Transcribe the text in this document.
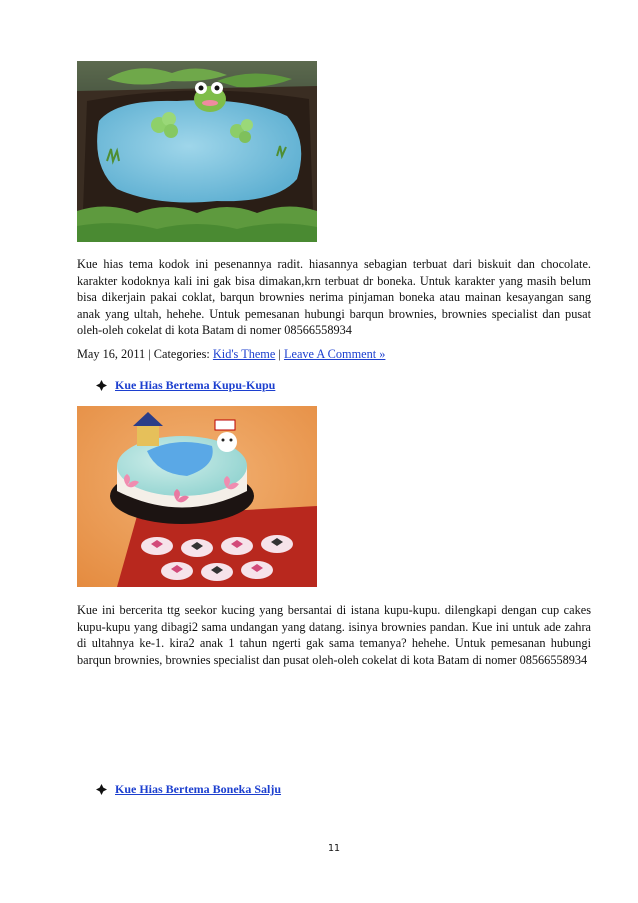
Kue hias tema kodok ini pesenannya radit. hiasannya sebagian terbuat dari biskuit dan chocolate. karakter kodoknya kali ini gak bisa dimakan,krn terbuat dr boneka. Untuk karakter yang masih belum bisa dikerjain pakai coklat, barqun brownies nerima pinjaman boneka atau mainan kesayangan sang anak yang ultah, hehehe. Untuk pemesanan hubungi barqun brownies, brownies specialist dan pusat oleh-oleh cokelat di kota Batam di nomer 08566558934
May 16, 2011 | Categories: Kid's Theme | Leave A Comment »
Kue Hias Bertema Kupu-Kupu
Kue ini bercerita ttg seekor kucing yang bersantai di istana kupu-kupu. dilengkapi dengan cup cakes kupu-kupu yang dibagi2 sama undangan yang datang. isinya brownies pandan. Kue ini untuk ade zahra di ultahnya ke-1. kira2 anak 1 tahun ngerti gak sama temanya? hehehe. Untuk pemesanan hubungi barqun brownies, brownies specialist dan pusat oleh-oleh cokelat di kota Batam di nomer 08566558934
Kue Hias Bertema Boneka Salju
11
